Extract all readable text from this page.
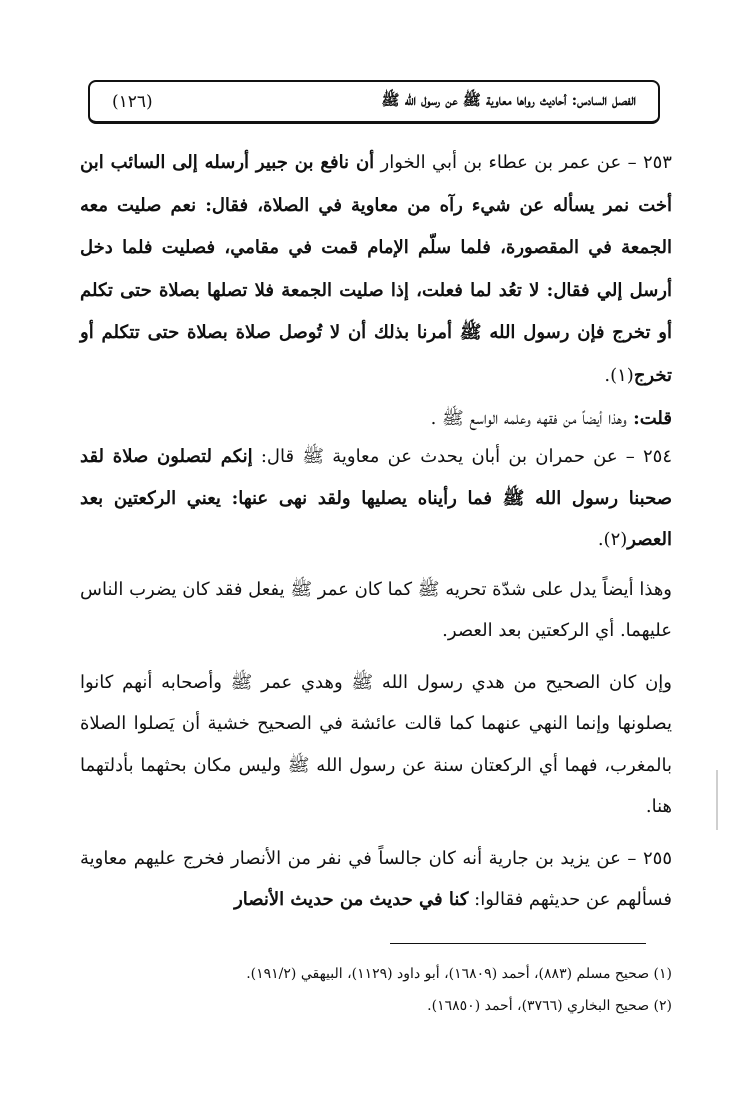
الفصل السادس: أحاديث رواها معاوية ﷺ عن رسول الله ﷺ
(١٢٦)

٢٥٣ – عن عمر بن عطاء بن أبي الخوار أن نافع بن جبير أرسله إلى السائب ابن أخت نمر يسأله عن شيء رآه من معاوية في الصلاة، فقال: نعم صليت معه الجمعة في المقصورة، فلما سلّم الإمام قمت في مقامي، فصليت فلما دخل أرسل إلي فقال: لا تعُد لما فعلت، إذا صليت الجمعة فلا تصلها بصلاة حتى تكلم أو تخرج فإن رسول الله ﷺ أمرنا بذلك أن لا تُوصل صلاة بصلاة حتى تتكلم أو تخرج(١).

قلت: وهذا أيضاً من فقهه وعلمه الواسع ﷺ .

٢٥٤ – عن حمران بن أبان يحدث عن معاوية ﷺ قال: إنكم لتصلون صلاة لقد صحبنا رسول الله ﷺ فما رأيناه يصليها ولقد نهى عنها: يعني الركعتين بعد العصر(٢).

وهذا أيضاً يدل على شدّة تحريه ﷺ كما كان عمر ﷺ يفعل فقد كان يضرب الناس عليهما. أي الركعتين بعد العصر.

وإن كان الصحيح من هدي رسول الله ﷺ وهدي عمر ﷺ وأصحابه أنهم كانوا يصلونها وإنما النهي عنهما كما قالت عائشة في الصحيح خشية أن يَصلوا الصلاة بالمغرب، فهما أي الركعتان سنة عن رسول الله ﷺ وليس مكان بحثهما بأدلتهما هنا.

٢٥٥ – عن يزيد بن جارية أنه كان جالساً في نفر من الأنصار فخرج عليهم معاوية فسألهم عن حديثهم فقالوا: كنا في حديث من حديث الأنصار

(١) صحيح مسلم (٨٨٣)، أحمد (١٦٨٠٩)، أبو داود (١١٢٩)، البيهقي (١٩١/٢).

(٢) صحيح البخاري (٣٧٦٦)، أحمد (١٦٨٥٠).
